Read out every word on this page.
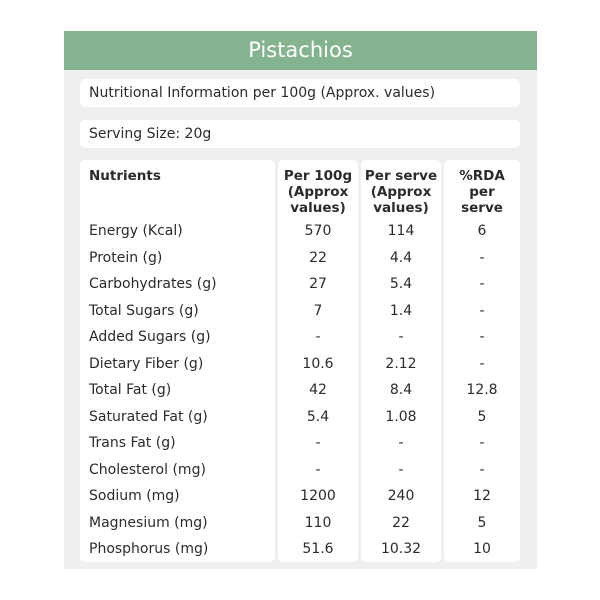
Pistachios
Nutritional Information per 100g (Approx. values)
Serving Size: 20g
Nutrients
Energy (Kcal)
Protein (g)
Carbohydrates (g)
Total Sugars (g)
Added Sugars (g)
Dietary Fiber (g)
Total Fat (g)
Saturated Fat (g)
Trans Fat (g)
Cholesterol (mg)
Sodium (mg)
Magnesium (mg)
Phosphorus (mg)
Per 100g
(Approx
values)
570
22
27
7
-
10.6
42
5.4
-
-
1200
110
51.6
Per serve
(Approx
values)
114
4.4
5.4
1.4
-
2.12
8.4
1.08
-
-
240
22
10.32
%RDA
per
serve
6
-
-
-
-
-
12.8
5
-
-
12
5
10
